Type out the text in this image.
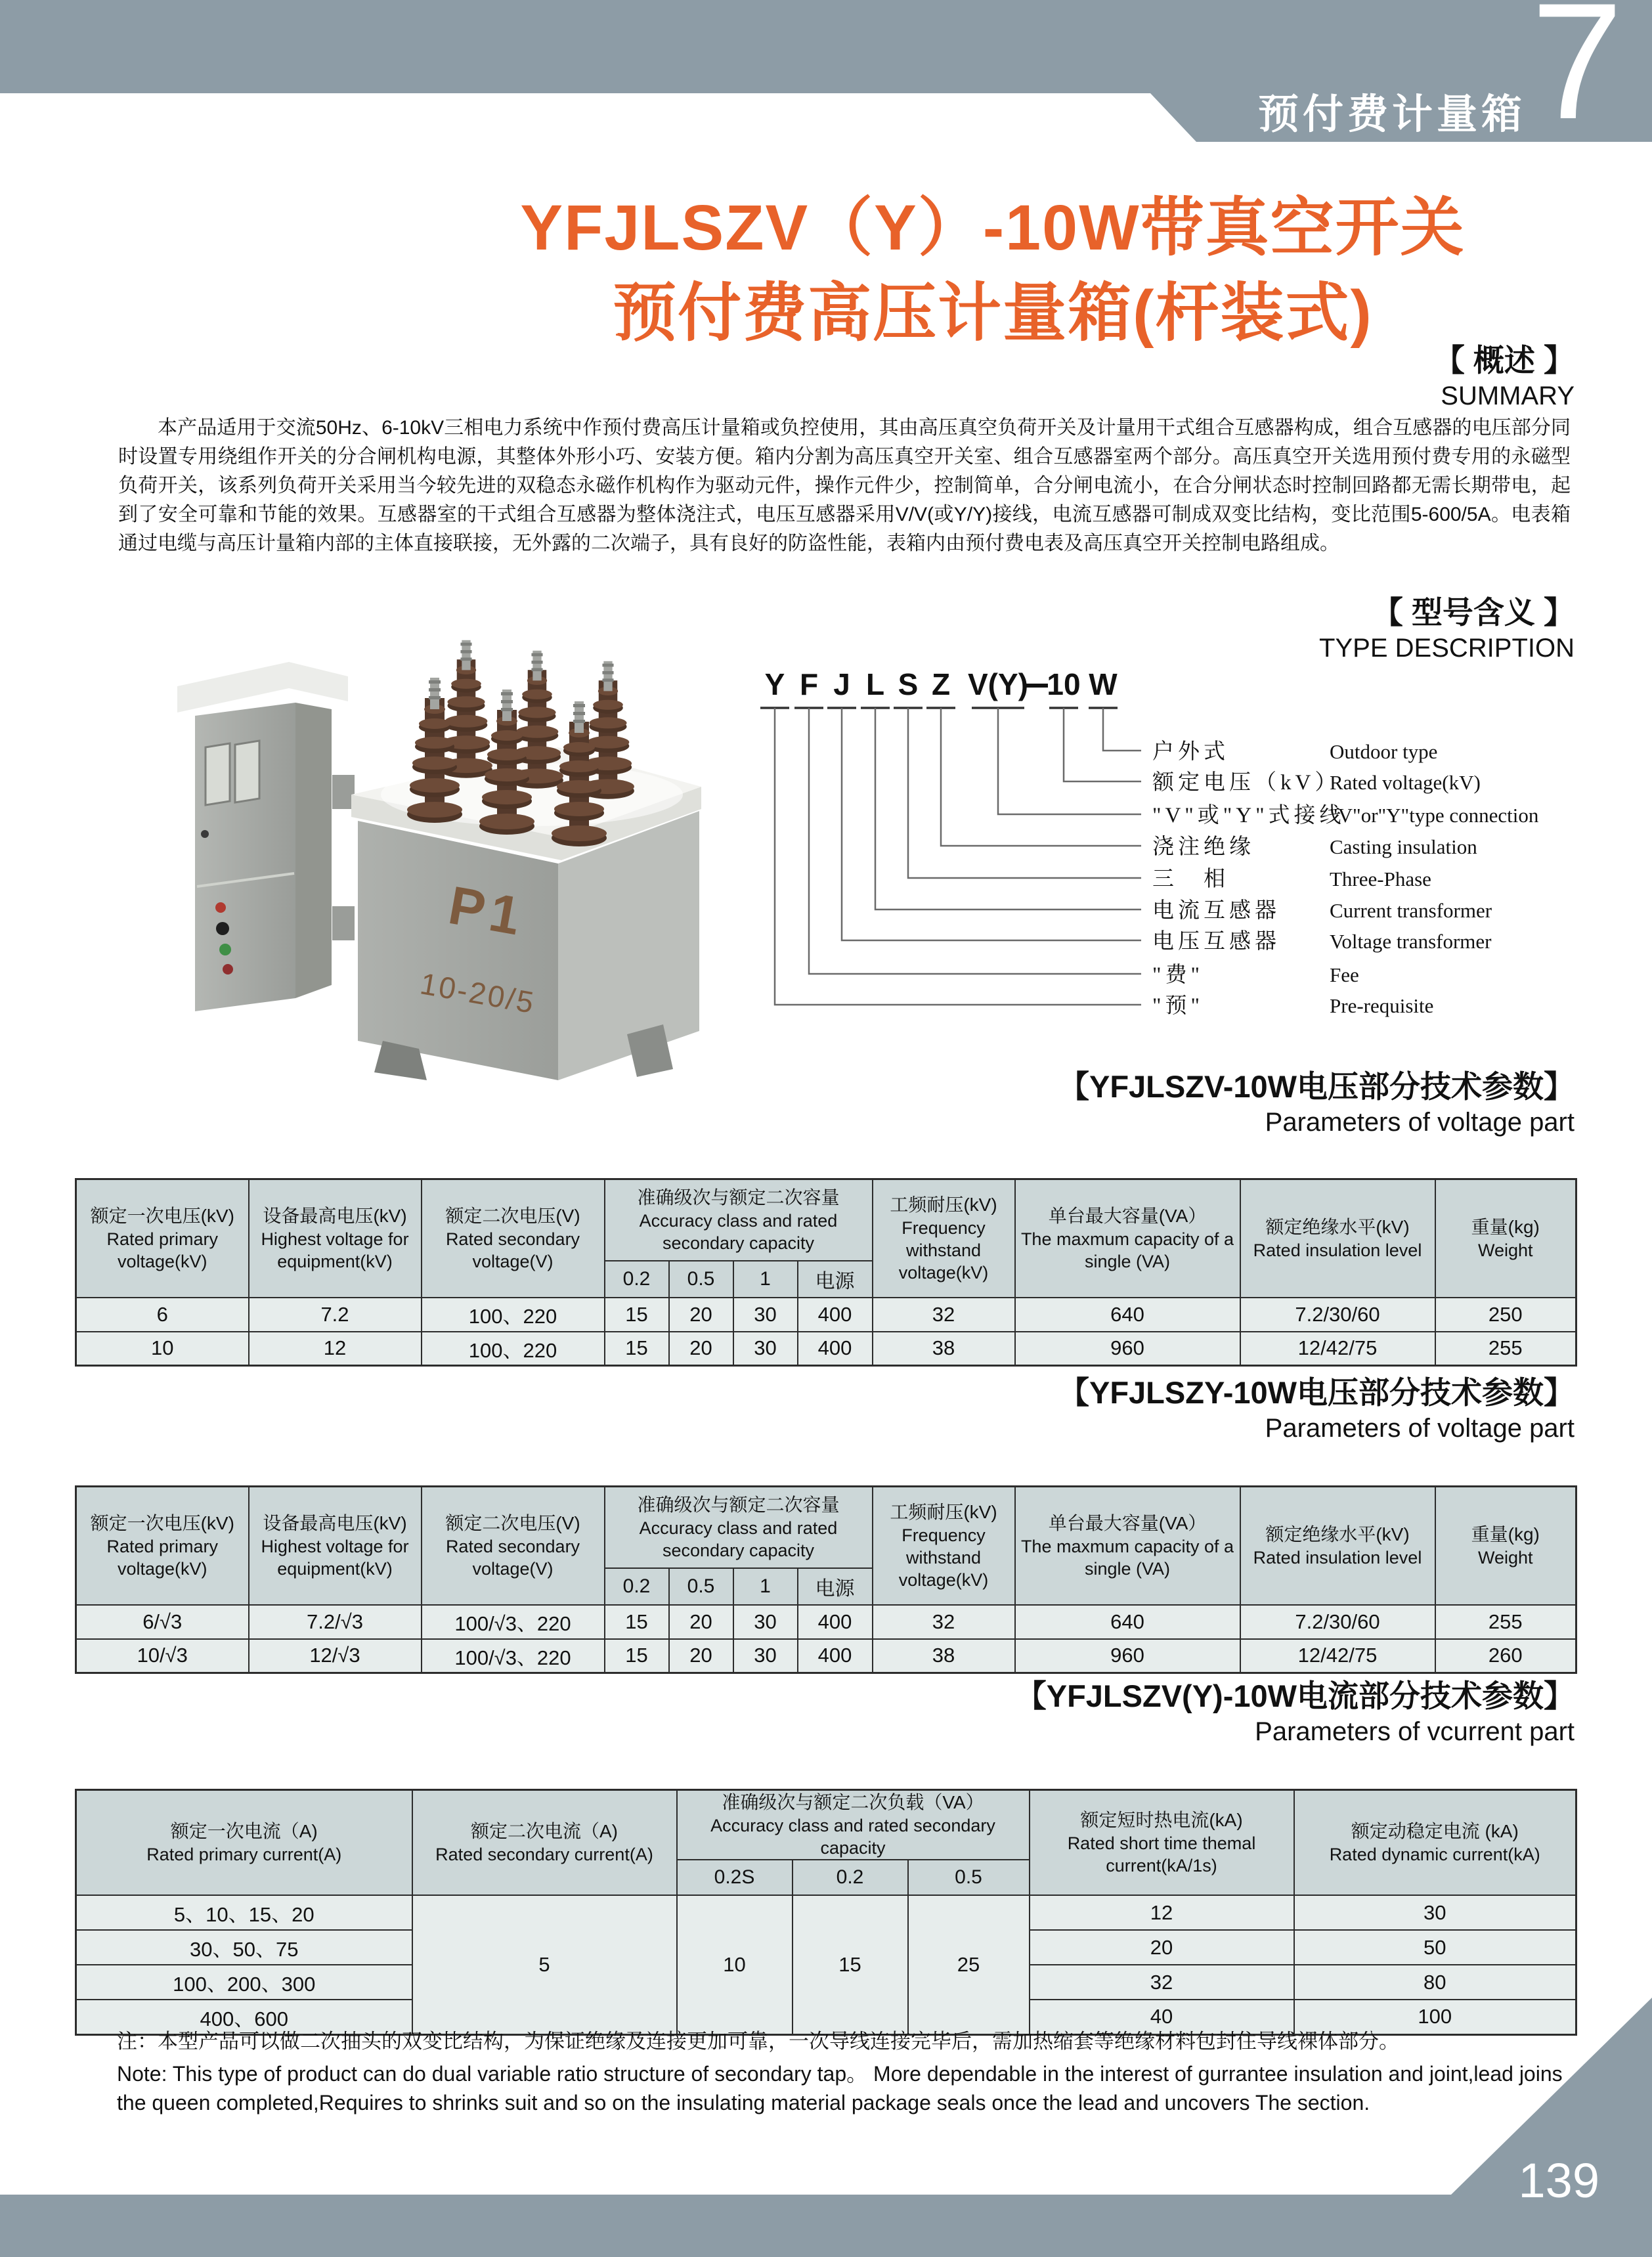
预付费计量箱 7
YFJLSZV（Y）-10W带真空开关
预付费高压计量箱(杆装式)
【 概述 】
SUMMARY
本产品适用于交流50Hz、6-10kV三相电力系统中作预付费高压计量箱或负控使用，其由高压真空负荷开关及计量用干式组合互感器构成，组合互感器的电压部分同时设置专用绕组作开关的分合闸机构电源，其整体外形小巧、安装方便。箱内分割为高压真空开关室、组合互感器室两个部分。高压真空开关选用预付费专用的永磁型负荷开关，该系列负荷开关采用当今较先进的双稳态永磁作机构作为驱动元件，操作元件少，控制简单，合分闸电流小，在合分闸状态时控制回路都无需长期带电，起到了安全可靠和节能的效果。互感器室的干式组合互感器为整体浇注式，电压互感器采用V/V(或Y/Y)接线，电流互感器可制成双变比结构，变比范围5-600/5A。电表箱通过电缆与高压计量箱内部的主体直接联接，无外露的二次端子，具有良好的防盗性能，表箱内由预付费电表及高压真空开关控制电路组成。
P1
10-20/5
【 型号含义 】
TYPE DESCRIPTION
Y F J L S Z V(Y) 10 W
户外式
额定电压（kV）
"V"或"Y"式接线
浇注绝缘
三　相
电流互感器
电压互感器
"费"
"预"
Outdoor type
Rated voltage(kV)
"V"or"Y"type connection
Casting insulation
Three-Phase
Current transformer
Voltage transformer
Fee
Pre-requisite
【YFJLSZV-10W电压部分技术参数】
Parameters of voltage part
额定一次电压(kV)
Rated primary voltage(kV)	设备最高电压(kV)
Highest voltage for equipment(kV)	额定二次电压(V)
Rated secondary voltage(V)	准确级次与额定二次容量
Accuracy class and rated secondary capacity				工频耐压(kV)
Frequency withstand voltage(kV)	单台最大容量(VA）
The maxmum capacity of a single (VA)	额定绝缘水平(kV)
Rated insulation level	重量(kg)
Weight

			0.2	0.5	1	电源				
6	7.2	100、220	15	20	30	400	32	640	7.2/30/60	250
10	12	100、220	15	20	30	400	38	960	12/42/75	255
【YFJLSZY-10W电压部分技术参数】
Parameters of voltage part
额定一次电压(kV)
Rated primary voltage(kV)	设备最高电压(kV)
Highest voltage for equipment(kV)	额定二次电压(V)
Rated secondary voltage(V)	准确级次与额定二次容量
Accuracy class and rated secondary capacity				工频耐压(kV)
Frequency withstand voltage(kV)	单台最大容量(VA）
The maxmum capacity of a single (VA)	额定绝缘水平(kV)
Rated insulation level	重量(kg)
Weight

			0.2	0.5	1	电源				
6/√3	7.2/√3	100/√3、220	15	20	30	400	32	640	7.2/30/60	255
10/√3	12/√3	100/√3、220	15	20	30	400	38	960	12/42/75	260
【YFJLSZV(Y)-10W电流部分技术参数】
Parameters of vcurrent part
额定一次电流（A)
Rated primary current(A)	额定二次电流（A)
Rated secondary current(A)	准确级次与额定二次负载（VA）
Accuracy class and rated secondary capacity			额定短时热电流(kA)
Rated short time themal current(kA/1s)	额定动稳定电流 (kA)
Rated dynamic current(kA)

		0.2S	0.2	0.5		
5、10、15、20	5	10	15	25	12	30
30、50、75					20	50
100、200、300					32	80
400、600					40	100
注：本型产品可以做二次抽头的双变比结构，为保证绝缘及连接更加可靠，一次导线连接完毕后，需加热缩套等绝缘材料包封住导线裸体部分。
Note: This type of product can do dual variable ratio structure of secondary tap。 More dependable in the interest of gurrantee insulation and joint,lead joins the queen completed,Requires to shrinks suit and so on the insulating material package seals once the lead and uncovers The section.
139
